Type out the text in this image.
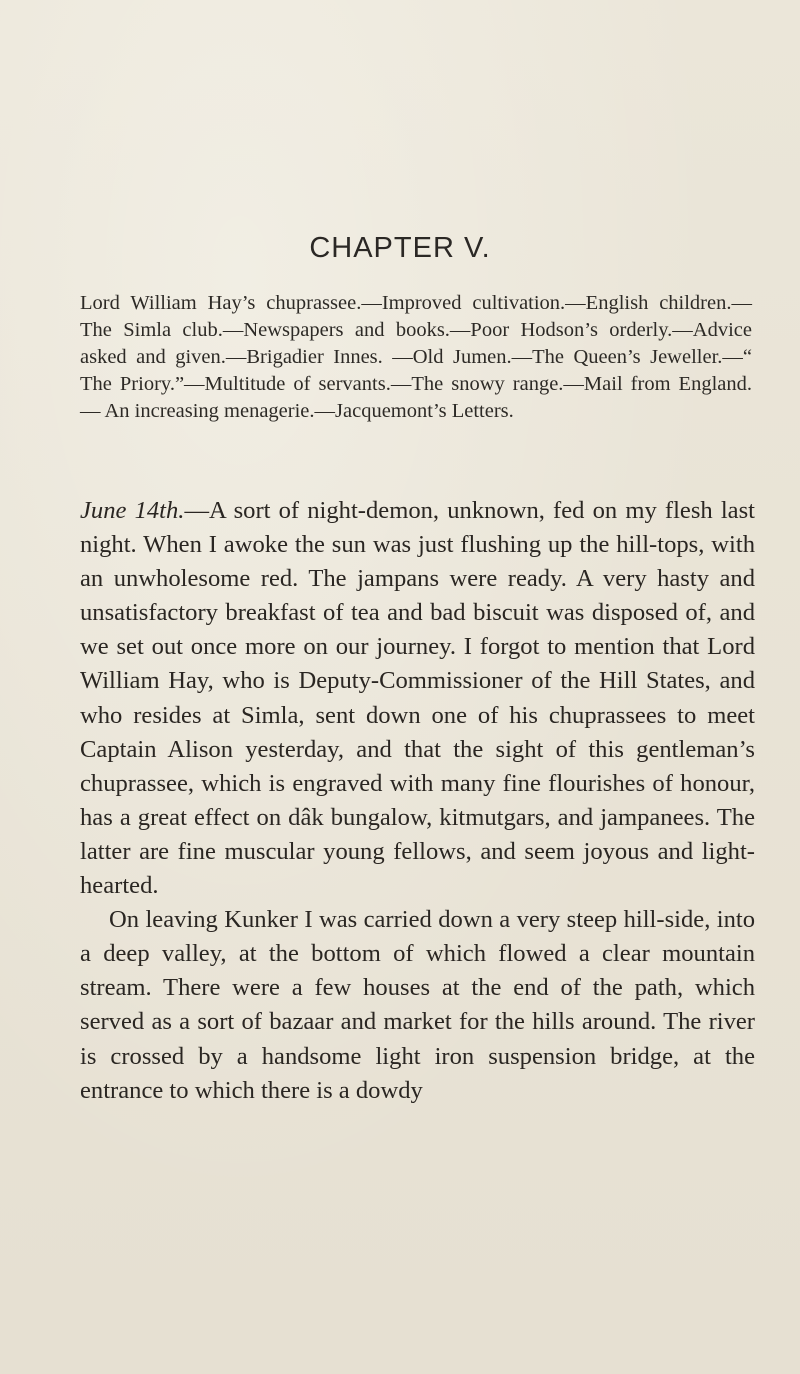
CHAPTER V.
Lord William Hay’s chuprassee.—Improved cultivation.—English children.—The Simla club.—Newspapers and books.—Poor Hodson’s orderly.—Advice asked and given.—Brigadier Innes. —Old Jumen.—The Queen’s Jeweller.—“ The Priory.”—Multitude of servants.—The snowy range.—Mail from England.— An increasing menagerie.—Jacquemont’s Letters.

June 14th.—A sort of night-demon, unknown, fed on my flesh last night. When I awoke the sun was just flushing up the hill-tops, with an unwholesome red. The jampans were ready. A very hasty and unsatisfactory breakfast of tea and bad biscuit was disposed of, and we set out once more on our journey. I forgot to mention that Lord William Hay, who is Deputy-Commissioner of the Hill States, and who resides at Simla, sent down one of his chuprassees to meet Captain Alison yesterday, and that the sight of this gentleman’s chuprassee, which is engraved with many fine flourishes of honour, has a great effect on dâk bungalow, kitmutgars, and jampanees. The latter are fine muscular young fellows, and seem joyous and light-hearted.

On leaving Kunker I was carried down a very steep hill-side, into a deep valley, at the bottom of which flowed a clear mountain stream. There were a few houses at the end of the path, which served as a sort of bazaar and market for the hills around. The river is crossed by a handsome light iron suspension bridge, at the entrance to which there is a dowdy
